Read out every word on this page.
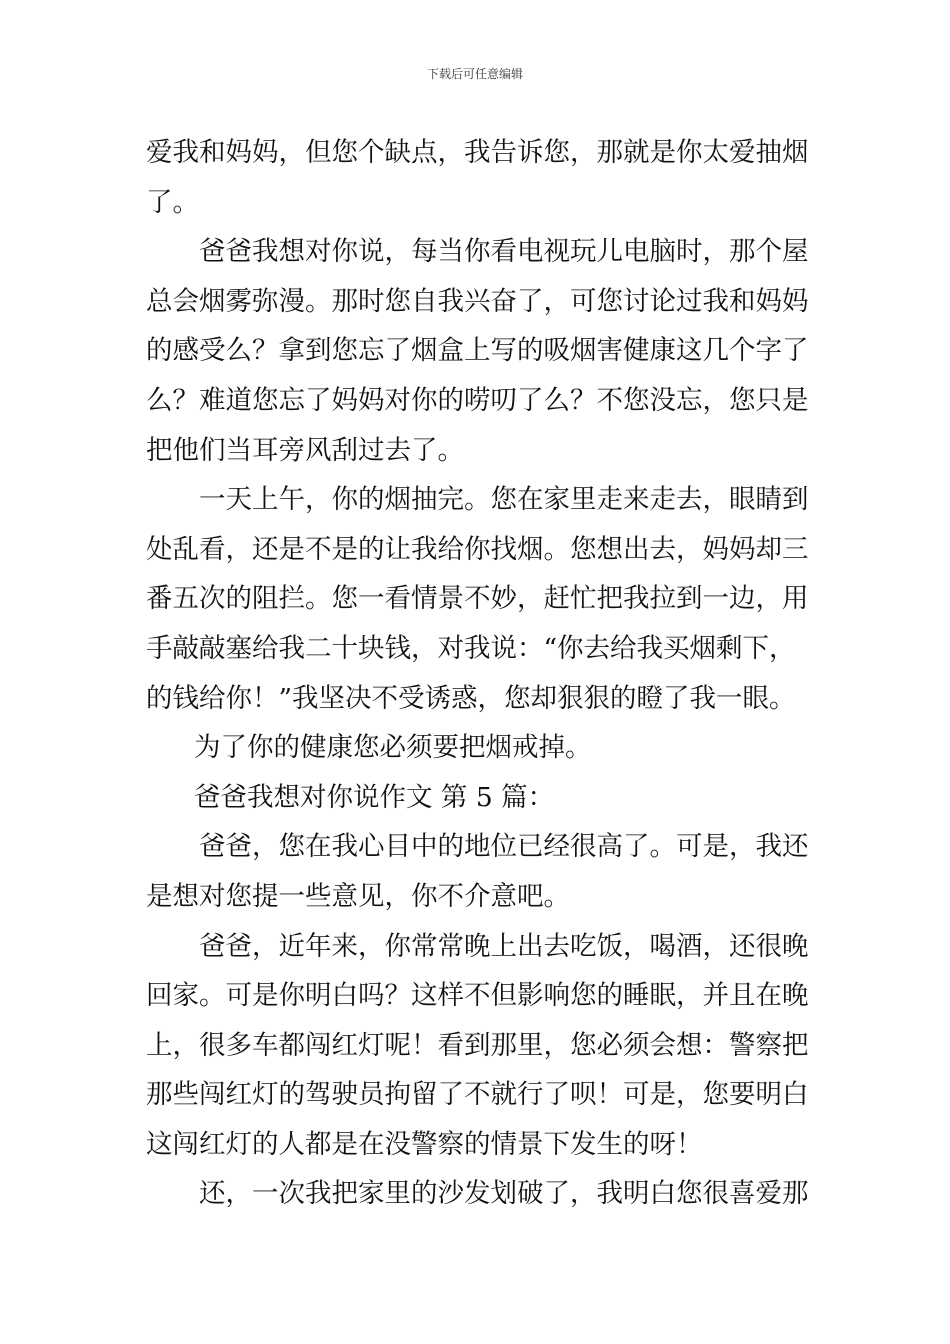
下载后可任意编辑
爱我和妈妈，但您个缺点，我告诉您，那就是你太爱抽烟
了。
爸爸我想对你说，每当你看电视玩儿电脑时，那个屋
总会烟雾弥漫。那时您自我兴奋了，可您讨论过我和妈妈
的感受么？拿到您忘了烟盒上写的吸烟害健康这几个字了
么？难道您忘了妈妈对你的唠叨了么？不您没忘，您只是
把他们当耳旁风刮过去了。
一天上午，你的烟抽完。您在家里走来走去，眼睛到
处乱看，还是不是的让我给你找烟。您想出去，妈妈却三
番五次的阻拦。您一看情景不妙，赶忙把我拉到一边，用
手敲敲塞给我二十块钱，对我说：“你去给我买烟剩下，
的钱给你！”我坚决不受诱惑，您却狠狠的瞪了我一眼。
为了你的健康您必须要把烟戒掉。
爸爸我想对你说作文 第 5 篇：
爸爸，您在我心目中的地位已经很高了。可是，我还
是想对您提一些意见，你不介意吧。
爸爸，近年来，你常常晚上出去吃饭，喝酒，还很晚
回家。可是你明白吗？这样不但影响您的睡眠，并且在晚
上，很多车都闯红灯呢！看到那里，您必须会想：警察把
那些闯红灯的驾驶员拘留了不就行了呗！可是，您要明白
这闯红灯的人都是在没警察的情景下发生的呀！
还，一次我把家里的沙发划破了，我明白您很喜爱那
